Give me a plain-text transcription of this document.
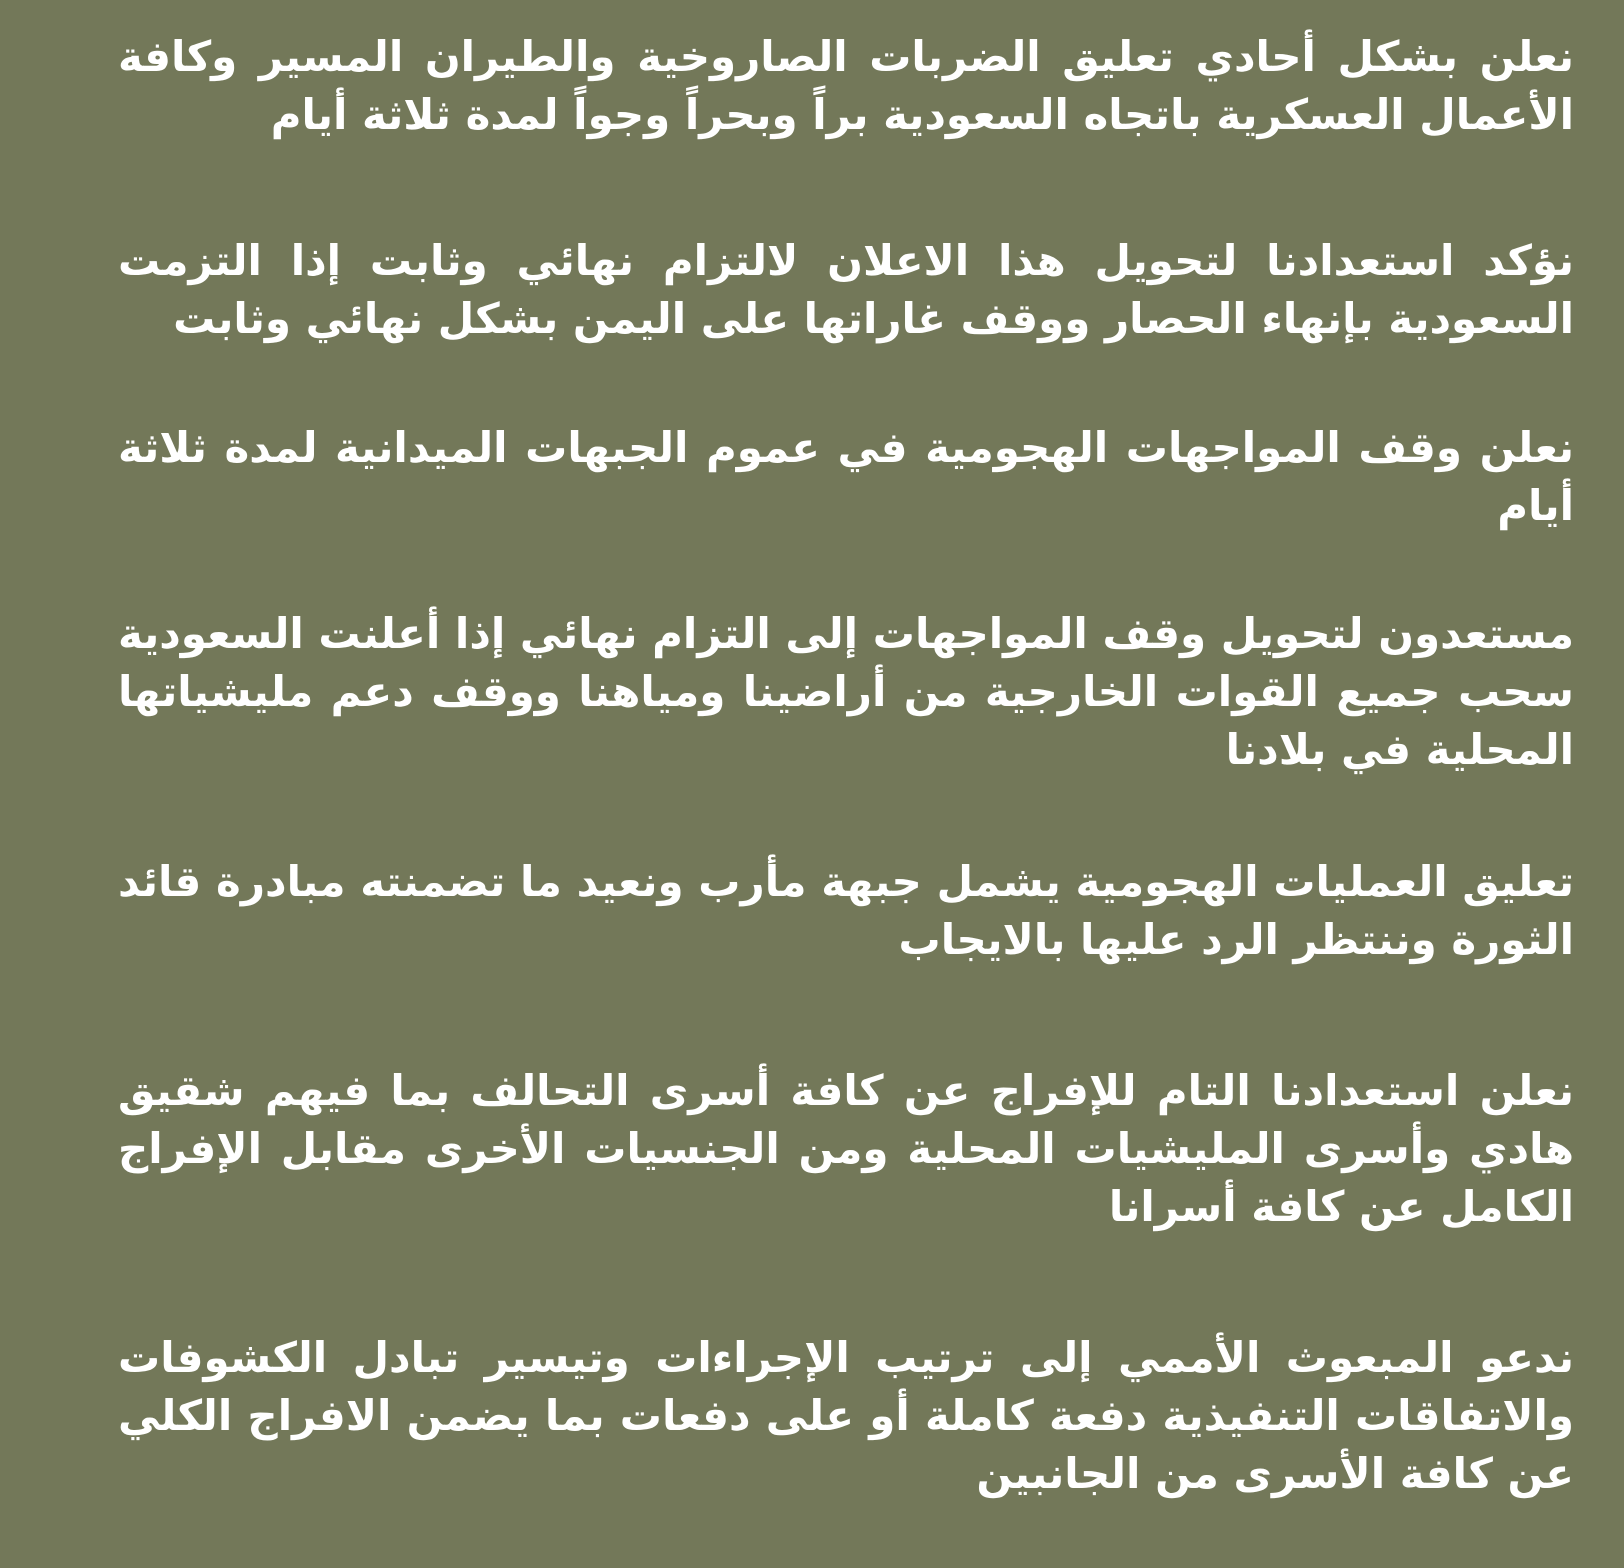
نعلن بشكل أحادي تعليق الضربات الصاروخية والطيران المسير وكافة الأعمال العسكرية باتجاه السعودية براً وبحراً وجواً لمدة ثلاثة أيام

نؤكد استعدادنا لتحويل هذا الاعلان لالتزام نهائي وثابت إذا التزمت السعودية بإنهاء الحصار ووقف غاراتها على اليمن بشكل نهائي وثابت

نعلن وقف المواجهات الهجومية في عموم الجبهات الميدانية لمدة ثلاثة أيام

مستعدون لتحويل وقف المواجهات إلى التزام نهائي إذا أعلنت السعودية سحب جميع القوات الخارجية من أراضينا ومياهنا ووقف دعم مليشياتها المحلية في بلادنا

تعليق العمليات الهجومية يشمل جبهة مأرب ونعيد ما تضمنته مبادرة قائد الثورة وننتظر الرد عليها بالايجاب

نعلن استعدادنا التام للإفراج عن كافة أسرى التحالف بما فيهم شقيق هادي وأسرى المليشيات المحلية ومن الجنسيات الأخرى مقابل الإفراج الكامل عن كافة أسرانا

ندعو المبعوث الأممي إلى ترتيب الإجراءات وتيسير تبادل الكشوفات والاتفاقات التنفيذية دفعة كاملة أو على دفعات بما يضمن الافراج الكلي عن كافة الأسرى من الجانبين
